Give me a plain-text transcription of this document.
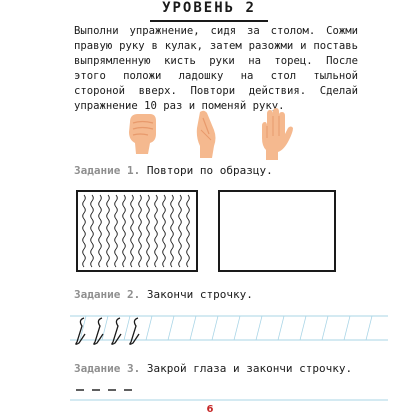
УРОВЕНЬ 2

Выполни упражнение, сидя за столом. Сожми правую руку в кулак, затем разожми и поставь выпрямленную кисть руки на торец. После этого положи ладошку на стол тыльной стороной вверх. Повтори действия. Сделай упражнение 10 раз и поменяй руку.

Задание 1. Повтори по образцу.
Задание 2. Закончи строчку.
Задание 3. Закрой глаза и закончи строчку.
6
